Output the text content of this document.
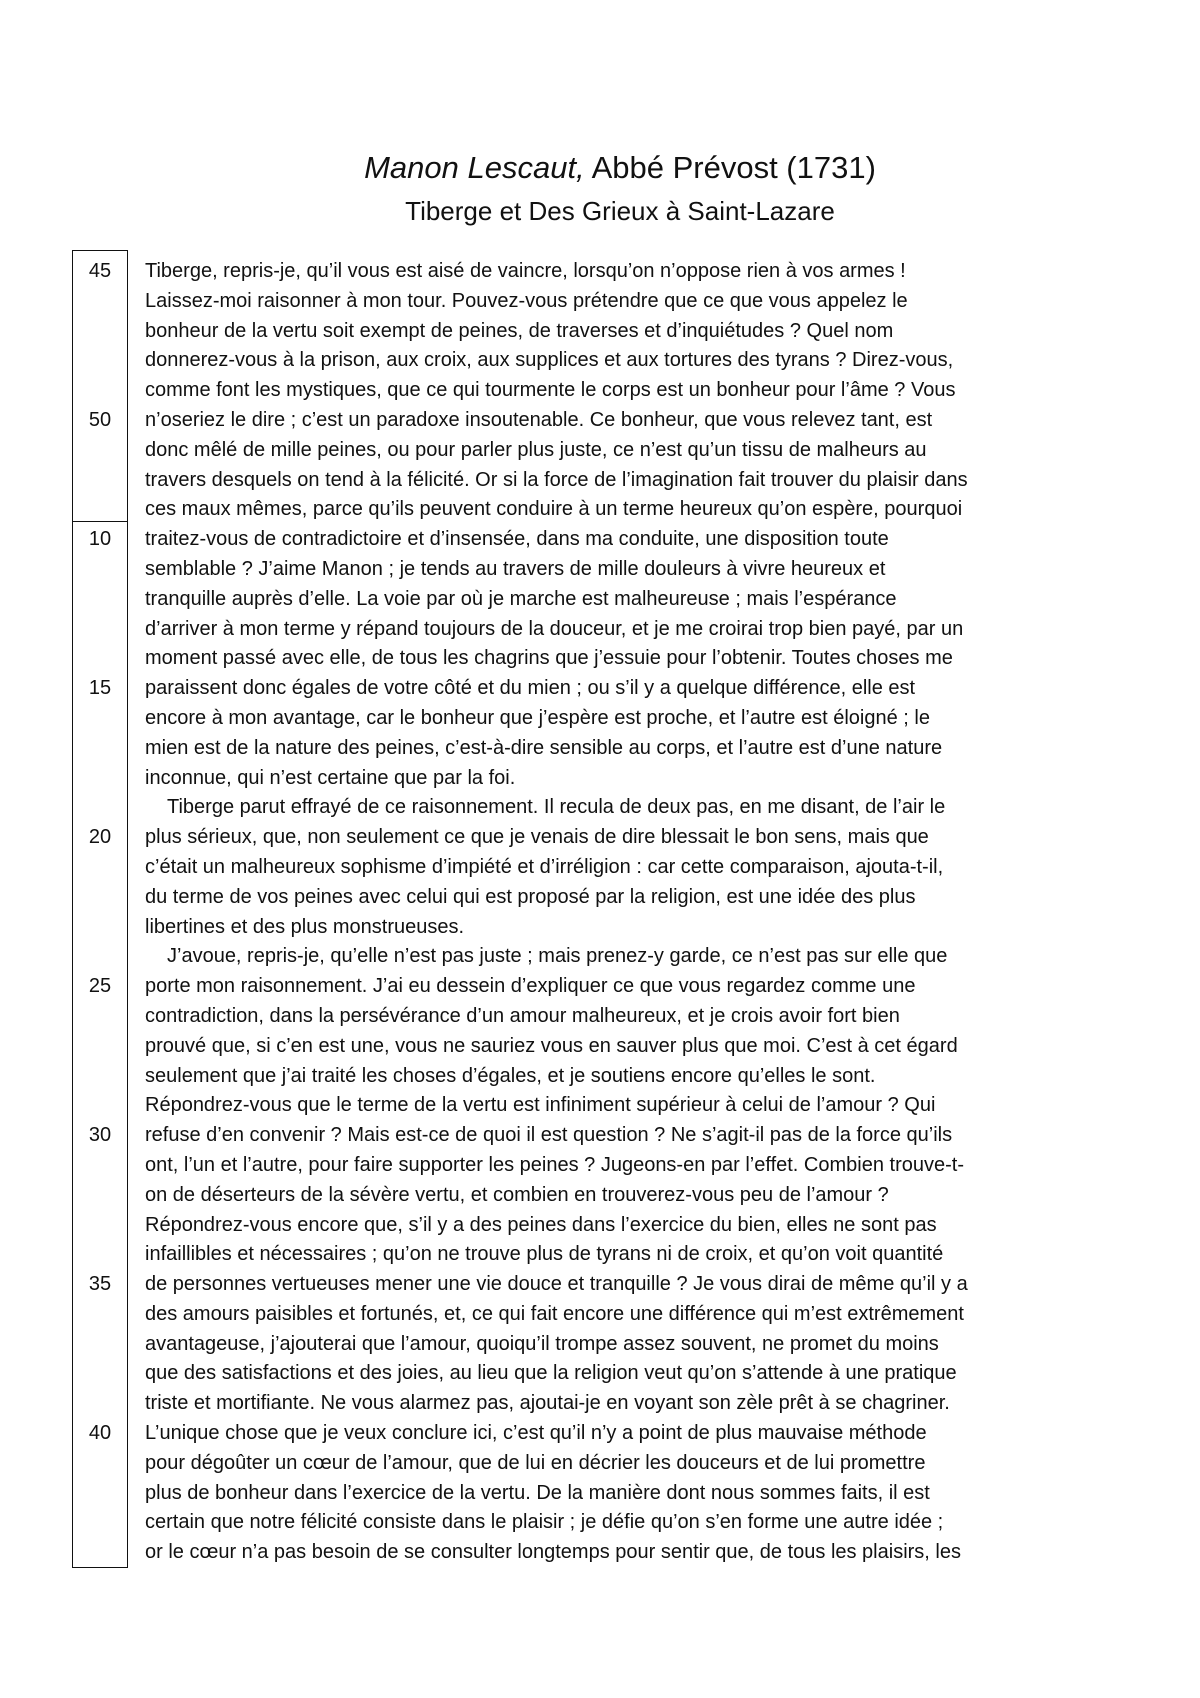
Manon Lescaut, Abbé Prévost (1731)
Tiberge et Des Grieux à Saint-Lazare
45
50
10
15
20
25
30
35
40
Tiberge, repris-je, qu’il vous est aisé de vaincre, lorsqu’on n’oppose rien à vos armes !
Laissez-moi raisonner à mon tour. Pouvez-vous prétendre que ce que vous appelez le
bonheur de la vertu soit exempt de peines, de traverses et d’inquiétudes ? Quel nom
donnerez-vous à la prison, aux croix, aux supplices et aux tortures des tyrans ? Direz-vous,
comme font les mystiques, que ce qui tourmente le corps est un bonheur pour l’âme ? Vous
n’oseriez le dire ; c’est un paradoxe insoutenable. Ce bonheur, que vous relevez tant, est
donc mêlé de mille peines, ou pour parler plus juste, ce n’est qu’un tissu de malheurs au
travers desquels on tend à la félicité. Or si la force de l’imagination fait trouver du plaisir dans
ces maux mêmes, parce qu’ils peuvent conduire à un terme heureux qu’on espère, pourquoi
traitez-vous de contradictoire et d’insensée, dans ma conduite, une disposition toute
semblable ? J’aime Manon ; je tends au travers de mille douleurs à vivre heureux et
tranquille auprès d’elle. La voie par où je marche est malheureuse ; mais l’espérance
d’arriver à mon terme y répand toujours de la douceur, et je me croirai trop bien payé, par un
moment passé avec elle, de tous les chagrins que j’essuie pour l’obtenir. Toutes choses me
paraissent donc égales de votre côté et du mien ; ou s’il y a quelque différence, elle est
encore à mon avantage, car le bonheur que j’espère est proche, et l’autre est éloigné ; le
mien est de la nature des peines, c’est-à-dire sensible au corps, et l’autre est d’une nature
inconnue, qui n’est certaine que par la foi.
Tiberge parut effrayé de ce raisonnement. Il recula de deux pas, en me disant, de l’air le
plus sérieux, que, non seulement ce que je venais de dire blessait le bon sens, mais que
c’était un malheureux sophisme d’impiété et d’irréligion : car cette comparaison, ajouta-t-il,
du terme de vos peines avec celui qui est proposé par la religion, est une idée des plus
libertines et des plus monstrueuses.
J’avoue, repris-je, qu’elle n’est pas juste ; mais prenez-y garde, ce n’est pas sur elle que
porte mon raisonnement. J’ai eu dessein d’expliquer ce que vous regardez comme une
contradiction, dans la persévérance d’un amour malheureux, et je crois avoir fort bien
prouvé que, si c’en est une, vous ne sauriez vous en sauver plus que moi. C’est à cet égard
seulement que j’ai traité les choses d’égales, et je soutiens encore qu’elles le sont.
Répondrez-vous que le terme de la vertu est infiniment supérieur à celui de l’amour ? Qui
refuse d’en convenir ? Mais est-ce de quoi il est question ? Ne s’agit-il pas de la force qu’ils
ont, l’un et l’autre, pour faire supporter les peines ? Jugeons-en par l’effet. Combien trouve-t-
on de déserteurs de la sévère vertu, et combien en trouverez-vous peu de l’amour ?
Répondrez-vous encore que, s’il y a des peines dans l’exercice du bien, elles ne sont pas
infaillibles et nécessaires ; qu’on ne trouve plus de tyrans ni de croix, et qu’on voit quantité
de personnes vertueuses mener une vie douce et tranquille ? Je vous dirai de même qu’il y a
des amours paisibles et fortunés, et, ce qui fait encore une différence qui m’est extrêmement
avantageuse, j’ajouterai que l’amour, quoiqu’il trompe assez souvent, ne promet du moins
que des satisfactions et des joies, au lieu que la religion veut qu’on s’attende à une pratique
triste et mortifiante. Ne vous alarmez pas, ajoutai-je en voyant son zèle prêt à se chagriner.
L’unique chose que je veux conclure ici, c’est qu’il n’y a point de plus mauvaise méthode
pour dégoûter un cœur de l’amour, que de lui en décrier les douceurs et de lui promettre
plus de bonheur dans l’exercice de la vertu. De la manière dont nous sommes faits, il est
certain que notre félicité consiste dans le plaisir ; je défie qu’on s’en forme une autre idée ;
or le cœur n’a pas besoin de se consulter longtemps pour sentir que, de tous les plaisirs, les
